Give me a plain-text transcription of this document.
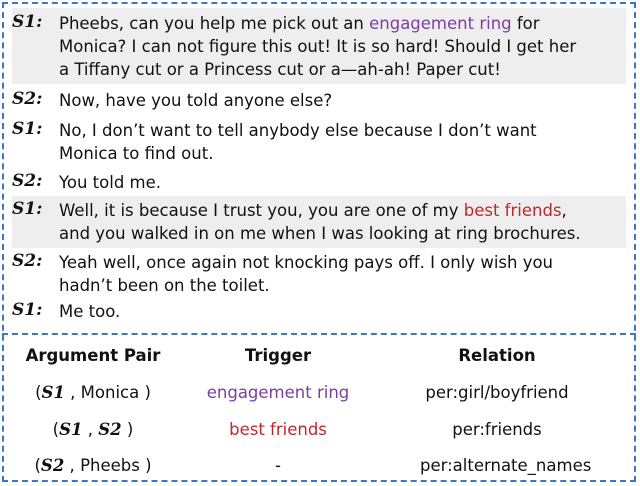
S1:	Pheebs, can you help me pick out an engagement ring for
Monica? I can not figure this out! It is so hard! Should I get her
a Tiffany cut or a Princess cut or a—ah-ah! Paper cut!
S2:	Now, have you told anyone else?
S1:	No, I don’t want to tell anybody else because I don’t want
Monica to find out.
S2:	You told me.
S1:	Well, it is because I trust you, you are one of my best friends,
and you walked in on me when I was looking at ring brochures.
S2:	Yeah well, once again not knocking pays off. I only wish you
hadn’t been on the toilet.
S1:	Me too.
Argument Pair	Trigger	Relation
(S1 , Monica )	engagement ring	per:girl/boyfriend
(S1 , S2 )	best friends	per:friends
(S2 , Pheebs )	-	per:alternate_names
